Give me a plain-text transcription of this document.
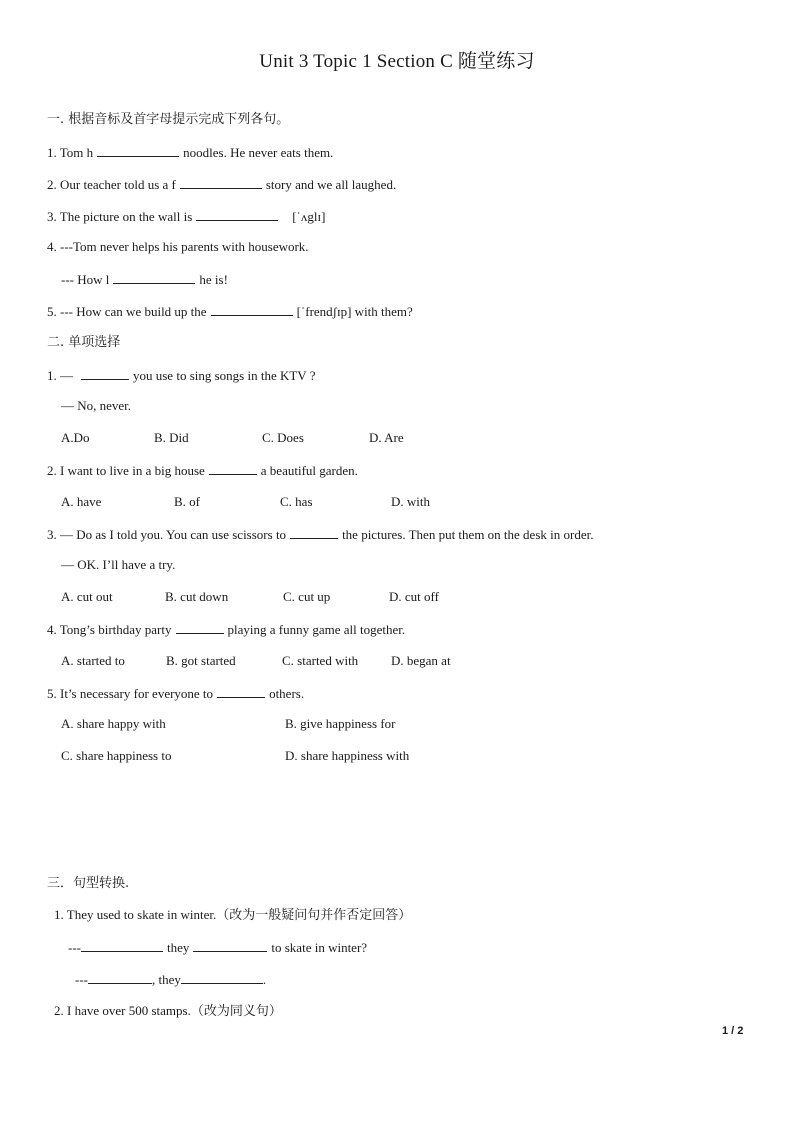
Unit 3 Topic 1 Section C 随堂练习
一. 根据音标及首字母提示完成下列各句。
1. Tom h	noodles. He never eats them.
2. Our teacher told us a f	story and we all laughed.
3. The picture on the wall is	[ˈʌglɪ]
4. ---Tom never helps his parents with housework.
--- How l	he is!
5. --- How can we build up the	[ˈfrendʃɪp] with them?
二. 单项选择
1. —	you use to sing songs in the KTV ?
— No, never.
A.Do	B. Did	C. Does	D. Are
2. I want to live in a big house	a beautiful garden.
A. have	B. of	C. has	D. with
3. — Do as I told you. You can use scissors to	the pictures. Then put them on the desk in order.
— OK. I’ll have a try.
A. cut out	B. cut down	C. cut up	D. cut off
4. Tong’s birthday party	playing a funny game all together.
A. started to	B. got started	C. started with	D. began at
5. It’s necessary for everyone to	others.
A. share happy with	B. give happiness for
C. share happiness to	D. share happiness with
三．句型转换.
1. They used to skate in winter.（改为一般疑问句并作否定回答）
---	they	to skate in winter?
---	, they	.
2. I have over 500 stamps.（改为同义句）
1 / 2
